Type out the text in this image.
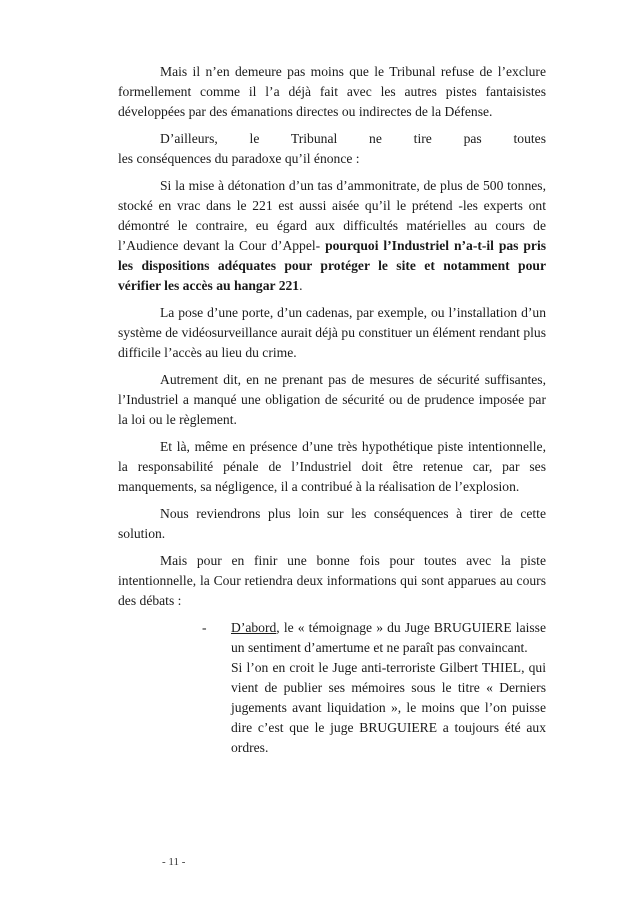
Mais il n’en demeure pas moins que le Tribunal refuse de l’exclure formellement comme il l’a déjà fait avec les autres pistes fantaisistes développées par des émanations directes ou indirectes de la Défense.

D’ailleurs, le Tribunal ne tire pas toutes

les conséquences du paradoxe qu’il énonce :

Si la mise à détonation d’un tas d’ammonitrate, de plus de 500 tonnes, stocké en vrac dans le 221 est aussi aisée qu’il le prétend -les experts ont démontré le contraire, eu égard aux difficultés matérielles au cours de l’Audience devant la Cour d’Appel- pourquoi l’Industriel n’a-t-il pas pris les dispositions adéquates pour protéger le site et notamment pour vérifier les accès au hangar 221.

La pose d’une porte, d’un cadenas, par exemple, ou l’installation d’un système de vidéosurveillance aurait déjà pu constituer un élément rendant plus difficile l’accès au lieu du crime.

Autrement dit, en ne prenant pas de mesures de sécurité suffisantes, l’Industriel a manqué une obligation de sécurité ou de prudence imposée par la loi ou le règlement.

Et là, même en présence d’une très hypothétique piste intentionnelle, la responsabilité pénale de l’Industriel doit être retenue car, par ses manquements, sa négligence, il a contribué à la réalisation de l’explosion.

Nous reviendrons plus loin sur les conséquences à tirer de cette solution.

Mais pour en finir une bonne fois pour toutes avec la piste intentionnelle, la Cour retiendra deux informations qui sont apparues au cours des débats :

- D’abord, le « témoignage » du Juge BRUGUIERE laisse un sentiment d’amertume et ne paraît pas convaincant.

Si l’on en croit le Juge anti-terroriste Gilbert THIEL, qui vient de publier ses mémoires sous le titre « Derniers jugements avant liquidation », le moins que l’on puisse dire c’est que le juge BRUGUIERE a toujours été aux ordres.

- 11 -
